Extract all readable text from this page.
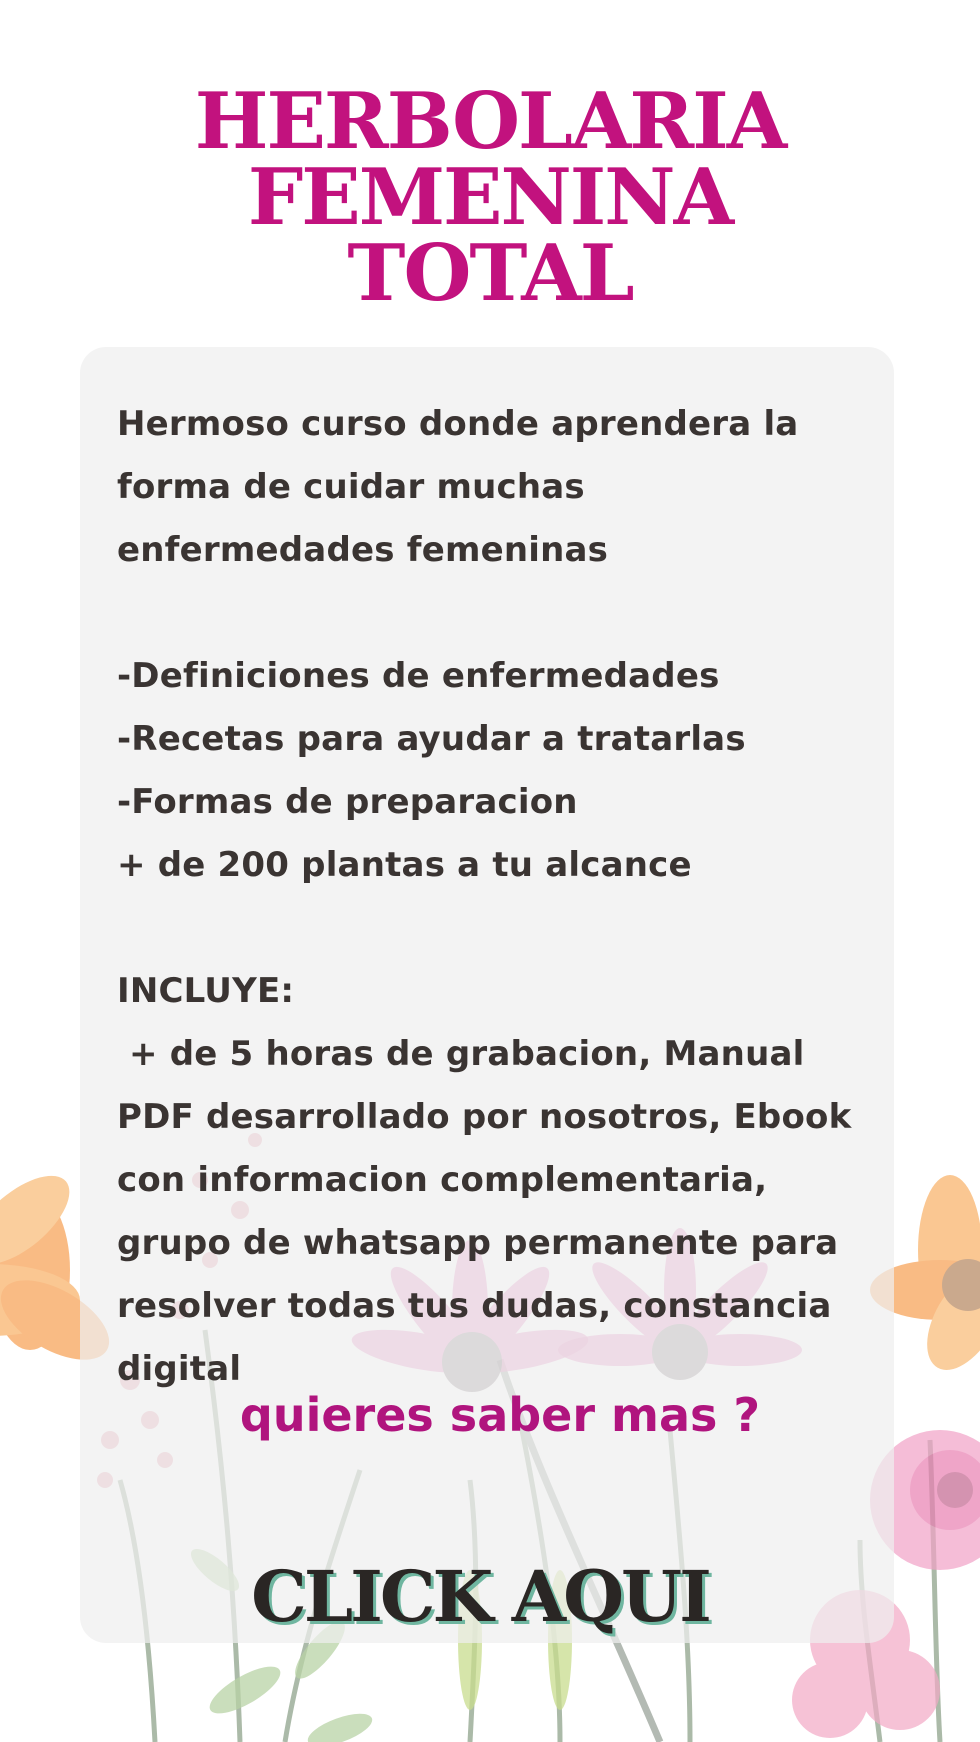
HERBOLARIA
FEMENINA
TOTAL

Hermoso curso donde aprendera la

forma de cuidar muchas

enfermedades femeninas

-Definiciones de enfermedades

-Recetas para ayudar a tratarlas

-Formas de preparacion

+ de 200 plantas a tu alcance

INCLUYE:

+ de 5 horas de grabacion, Manual

PDF desarrollado por nosotros, Ebook

con informacion complementaria,

grupo de whatsapp permanente para

resolver todas tus dudas, constancia

digital

quieres saber mas ?

CLICK AQUI
